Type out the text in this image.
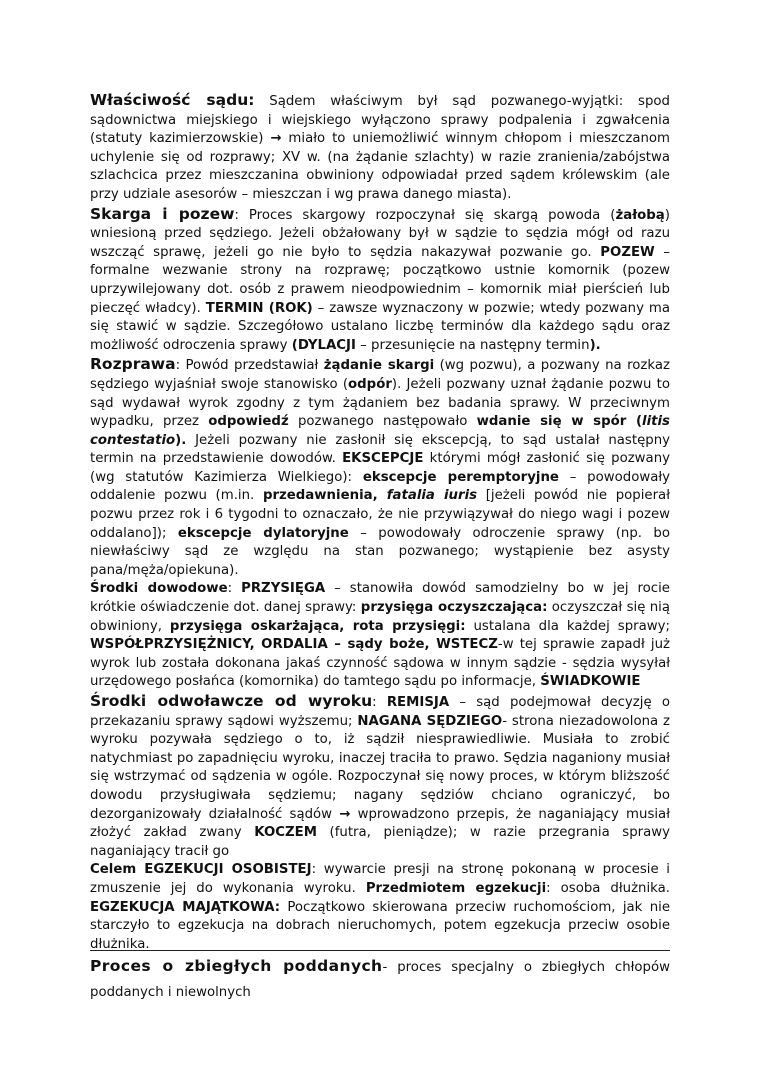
Właściwość sądu: Sądem właściwym był sąd pozwanego-wyjątki: spod sądownictwa miejskiego i wiejskiego wyłączono sprawy podpalenia i zgwałcenia (statuty kazimierzowskie) → miało to uniemożliwić winnym chłopom i mieszczanom uchylenie się od rozprawy; XV w. (na żądanie szlachty) w razie zranienia/zabójstwa szlachcica przez mieszczanina obwiniony odpowiadał przed sądem królewskim (ale przy udziale asesorów – mieszczan i wg prawa danego miasta).

Skarga i pozew: Proces skargowy rozpoczynał się skargą powoda (żałobą) wniesioną przed sędziego. Jeżeli obżałowany był w sądzie to sędzia mógł od razu wszcząć sprawę, jeżeli go nie było to sędzia nakazywał pozwanie go. POZEW – formalne wezwanie strony na rozprawę; początkowo ustnie komornik (pozew uprzywilejowany dot. osób z prawem nieodpowiednim – komornik miał pierścień lub pieczęć władcy). TERMIN (ROK) – zawsze wyznaczony w pozwie; wtedy pozwany ma się stawić w sądzie. Szczegółowo ustalano liczbę terminów dla każdego sądu oraz możliwość odroczenia sprawy (DYLACJI – przesunięcie na następny termin).

Rozprawa: Powód przedstawiał żądanie skargi (wg pozwu), a pozwany na rozkaz sędziego wyjaśniał swoje stanowisko (odpór). Jeżeli pozwany uznał żądanie pozwu to sąd wydawał wyrok zgodny z tym żądaniem bez badania sprawy. W przeciwnym wypadku, przez odpowiedź pozwanego następowało wdanie się w spór (litis contestatio). Jeżeli pozwany nie zasłonił się ekscepcją, to sąd ustalał następny termin na przedstawienie dowodów. EKSCEPCJE którymi mógł zasłonić się pozwany (wg statutów Kazimierza Wielkiego): ekscepcje peremptoryjne – powodowały oddalenie pozwu (m.in. przedawnienia, fatalia iuris [jeżeli powód nie popierał pozwu przez rok i 6 tygodni to oznaczało, że nie przywiązywał do niego wagi i pozew oddalano]); ekscepcje dylatoryjne – powodowały odroczenie sprawy (np. bo niewłaściwy sąd ze względu na stan pozwanego; wystąpienie bez asysty pana/męża/opiekuna).

Środki dowodowe: PRZYSIĘGA – stanowiła dowód samodzielny bo w jej rocie krótkie oświadczenie dot. danej sprawy: przysięga oczyszczająca: oczyszczał się nią obwiniony, przysięga oskarżająca, rota przysięgi: ustalana dla każdej sprawy; WSPÓŁPRZYSIĘŻNICY, ORDALIA – sądy boże, WSTECZ-w tej sprawie zapadł już wyrok lub została dokonana jakaś czynność sądowa w innym sądzie - sędzia wysyłał urzędowego posłańca (komornika) do tamtego sądu po informacje, ŚWIADKOWIE

Środki odwoławcze od wyroku: REMISJA – sąd podejmował decyzję o przekazaniu sprawy sądowi wyższemu; NAGANA SĘDZIEGO- strona niezadowolona z wyroku pozywała sędziego o to, iż sądził niesprawiedliwie. Musiała to zrobić natychmiast po zapadnięciu wyroku, inaczej traciła to prawo. Sędzia naganiony musiał się wstrzymać od sądzenia w ogóle. Rozpoczynał się nowy proces, w którym bliższość dowodu przysługiwała sędziemu; nagany sędziów chciano ograniczyć, bo dezorganizowały działalność sądów → wprowadzono przepis, że naganiający musiał złożyć zakład zwany KOCZEM (futra, pieniądze); w razie przegrania sprawy naganiający tracił go

Celem EGZEKUCJI OSOBISTEJ: wywarcie presji na stronę pokonaną w procesie i zmuszenie jej do wykonania wyroku. Przedmiotem egzekucji: osoba dłużnika. EGZEKUCJA MAJĄTKOWA: Początkowo skierowana przeciw ruchomościom, jak nie starczyło to egzekucja na dobrach nieruchomych, potem egzekucja przeciw osobie dłużnika.

Proces o zbiegłych poddanych- proces specjalny o zbiegłych chłopów poddanych i niewolnych
